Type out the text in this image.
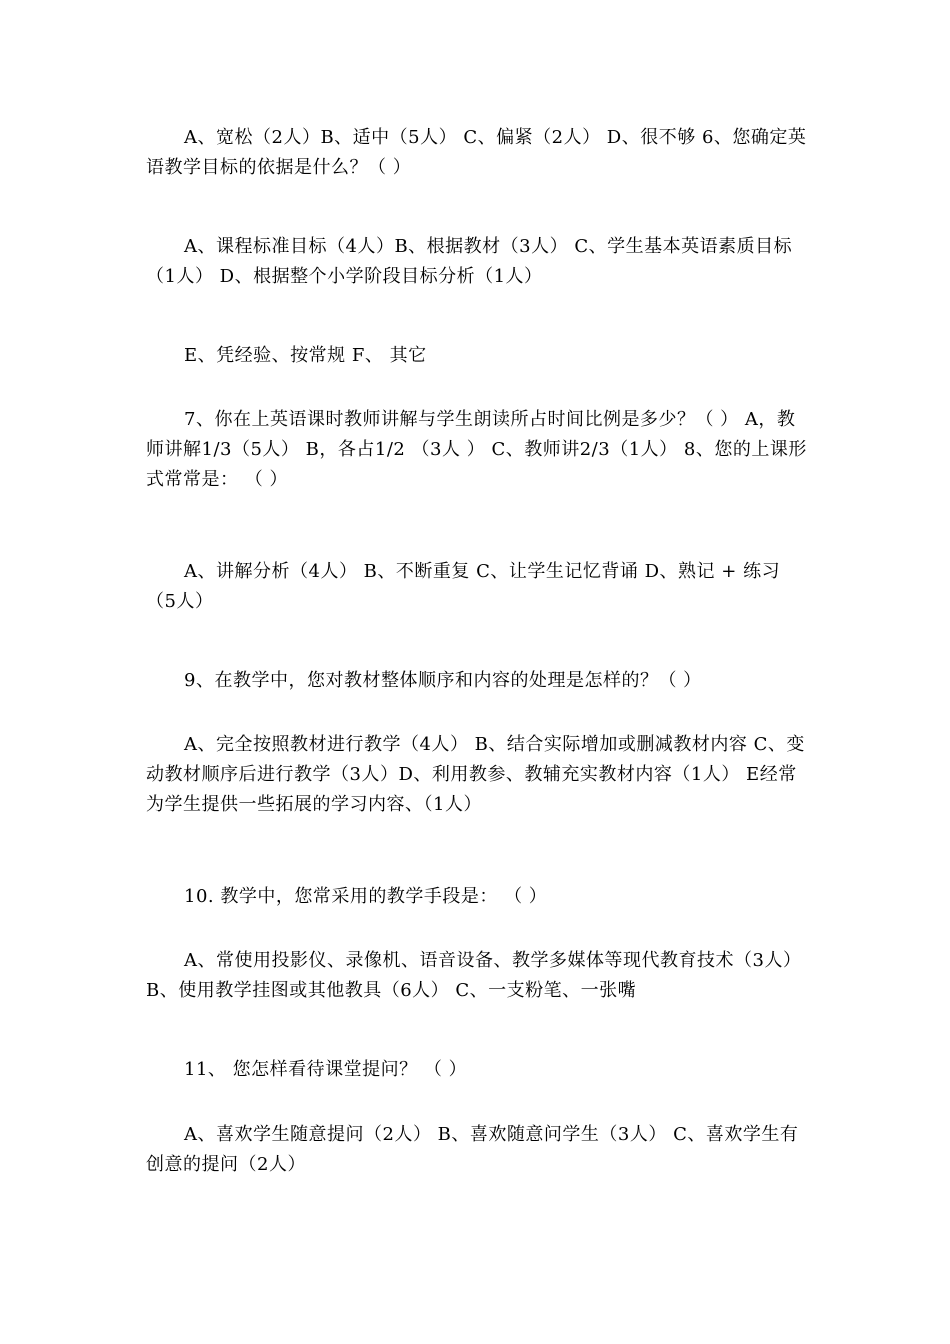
A、宽松（2人）B、适中（5人） C、偏紧（2人） D、很不够 6、您确定英语教学目标的依据是什么？（ ）

A、课程标准目标（4人）B、根据教材（3人） C、学生基本英语素质目标（1人） D、根据整个小学阶段目标分析（1人）

E、凭经验、按常规 F、 其它

7、你在上英语课时教师讲解与学生朗读所占时间比例是多少？（ ） A，教师讲解1/3（5人） B，各占1/2 （3人 ） C、教师讲2/3（1人） 8、您的上课形式常常是： （ ）

A、讲解分析（4人） B、不断重复 C、让学生记忆背诵 D、熟记 + 练习 （5人）

9、在教学中，您对教材整体顺序和内容的处理是怎样的？（ ）

A、完全按照教材进行教学（4人） B、结合实际增加或删减教材内容 C、变动教材顺序后进行教学（3人）D、利用教参、教辅充实教材内容（1人） E经常为学生提供一些拓展的学习内容、（1人）

10. 教学中，您常采用的教学手段是： （ ）

A、常使用投影仪、录像机、语音设备、教学多媒体等现代教育技术（3人） B、使用教学挂图或其他教具（6人） C、一支粉笔、一张嘴

11、 您怎样看待课堂提问？ （ ）

A、喜欢学生随意提问（2人） B、喜欢随意问学生（3人） C、喜欢学生有创意的提问（2人）
